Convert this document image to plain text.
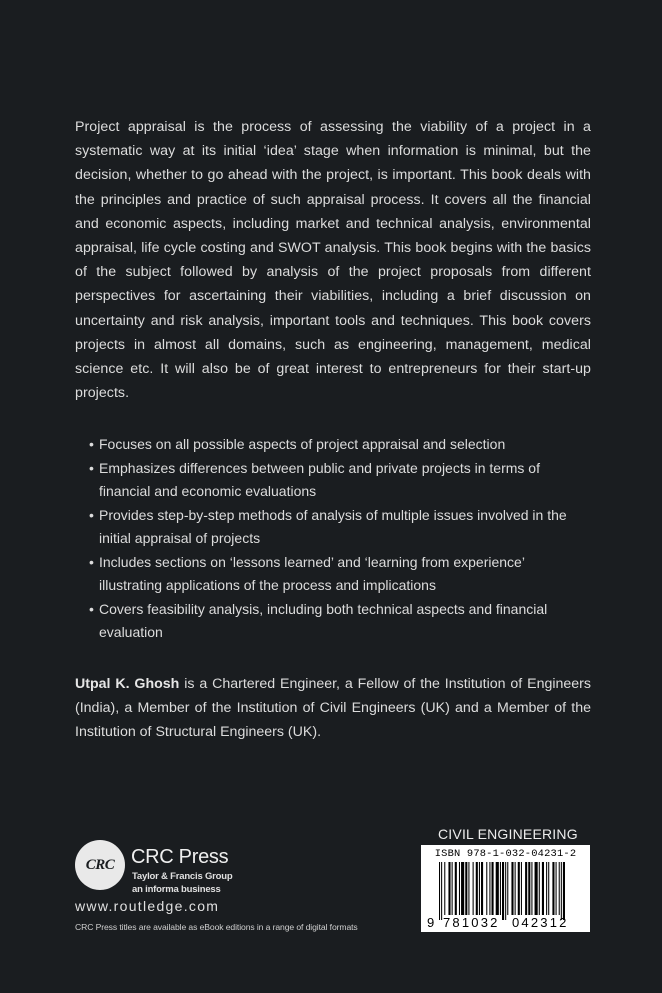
Project appraisal is the process of assessing the viability of a project in a systematic way at its initial ‘idea’ stage when information is minimal, but the decision, whether to go ahead with the project, is important. This book deals with the principles and practice of such appraisal process. It covers all the financial and economic aspects, including market and technical analysis, environmental appraisal, life cycle costing and SWOT analysis. This book begins with the basics of the subject followed by analysis of the project proposals from different perspectives for ascertaining their viabilities, including a brief discussion on uncertainty and risk analysis, important tools and techniques. This book covers projects in almost all domains, such as engineering, management, medical science etc. It will also be of great interest to entrepreneurs for their start-up projects.

• Focuses on all possible aspects of project appraisal and selection
• Emphasizes differences between public and private projects in terms of financial and economic evaluations
• Provides step-by-step methods of analysis of multiple issues involved in the initial appraisal of projects
• Includes sections on ‘lessons learned’ and ‘learning from experience’ illustrating applications of the process and implications
• Covers feasibility analysis, including both technical aspects and financial evaluation

Utpal K. Ghosh is a Chartered Engineer, a Fellow of the Institution of Engineers (India), a Member of the Institution of Civil Engineers (UK) and a Member of the Institution of Structural Engineers (UK).

CRC CRC Press
Taylor & Francis Group
an informa business
www.routledge.com
CRC Press titles are available as eBook editions in a range of digital formats
CIVIL ENGINEERING
ISBN 978-1-032-04231-2
9 781032 042312
